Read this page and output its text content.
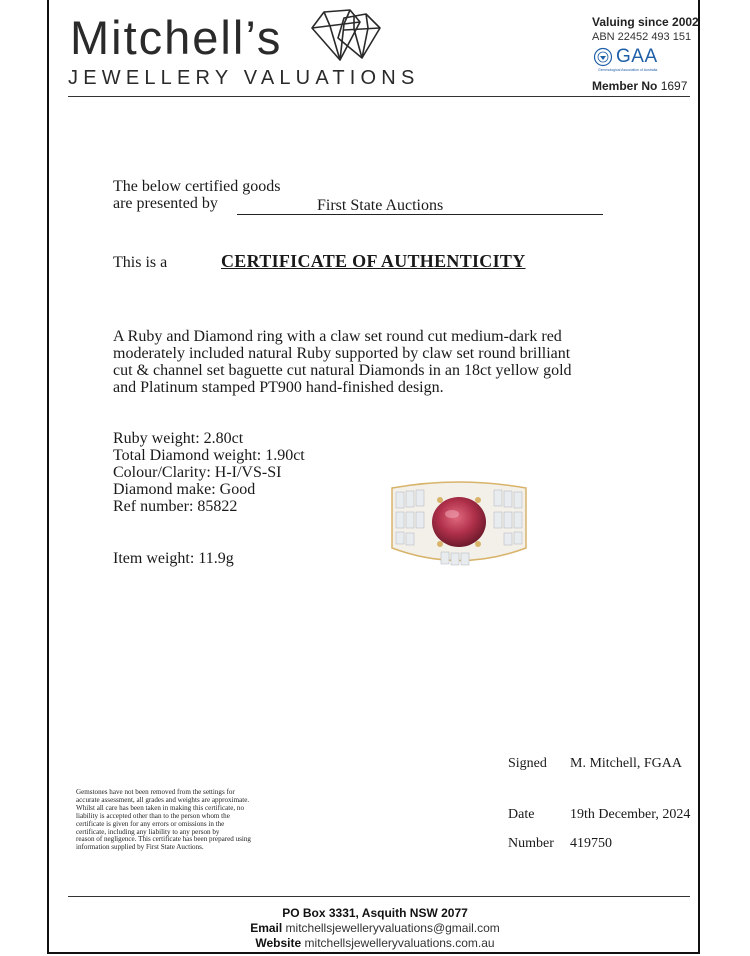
Mitchell’s
JEWELLERY VALUATIONS
Valuing since 2002
ABN 22452 493 151
GAA
Gemmological Association of Australia
Member No 1697
The below certified goods
are presented by	First State Auctions
This is a	CERTIFICATE OF AUTHENTICITY
A Ruby and Diamond ring with a claw set round cut medium-dark red
moderately included natural Ruby supported by claw set round brilliant
cut & channel set baguette cut natural Diamonds in an 18ct yellow gold
and Platinum stamped PT900 hand-finished design.
Ruby weight: 2.80ct
Total Diamond weight: 1.90ct
Colour/Clarity: H-I/VS-SI
Diamond make: Good
Ref number: 85822
Item weight: 11.9g
Gemstones have not been removed from the settings for
accurate assessment, all grades and weights are approximate.
Whilst all care has been taken in making this certificate, no
liability is accepted other than to the person whom the
certificate is given for any errors or omissions in the
certificate, including any liability to any person by
reason of negligence. This certificate has been prepared using
information supplied by First State Auctions.
Signed M. Mitchell, FGAA
Date	19th December, 2024
Number 419750
PO Box 3331, Asquith NSW 2077
Email mitchellsjewelleryvaluations@gmail.com
Website mitchellsjewelleryvaluations.com.au
